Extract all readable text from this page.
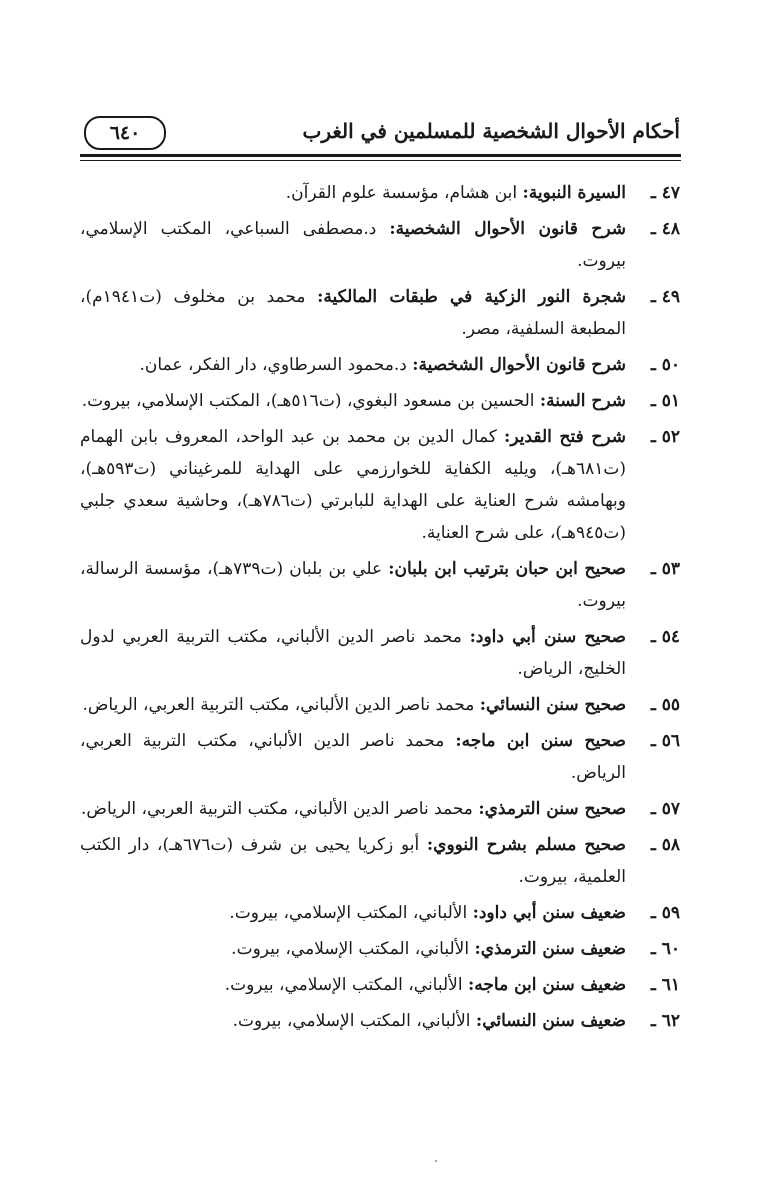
أحكام الأحوال الشخصية للمسلمين في الغرب
٦٤٠
٤٧ ـ
السيرة النبوية: ابن هشام، مؤسسة علوم القرآن.
٤٨ ـ
شرح قانون الأحوال الشخصية: د.مصطفى السباعي، المكتب الإسلامي، بيروت.
٤٩ ـ
شجرة النور الزكية في طبقات المالكية: محمد بن مخلوف (ت١٩٤١م)، المطبعة السلفية، مصر.
٥٠ ـ
شرح قانون الأحوال الشخصية: د.محمود السرطاوي، دار الفكر، عمان.
٥١ ـ
شرح السنة: الحسين بن مسعود البغوي، (ت٥١٦هـ)، المكتب الإسلامي، بيروت.
٥٢ ـ
شرح فتح القدير: كمال الدين بن محمد بن عبد الواحد، المعروف بابن الهمام (ت٦٨١هـ)، ويليه الكفاية للخوارزمي على الهداية للمرغيناني (ت٥٩٣هـ)، وبهامشه شرح العناية على الهداية للبابرتي (ت٧٨٦هـ)، وحاشية سعدي جلبي (ت٩٤٥هـ)، على شرح العناية.
٥٣ ـ
صحيح ابن حبان بترتيب ابن بلبان: علي بن بلبان (ت٧٣٩هـ)، مؤسسة الرسالة، بيروت.
٥٤ ـ
صحيح سنن أبي داود: محمد ناصر الدين الألباني، مكتب التربية العربي لدول الخليج، الرياض.
٥٥ ـ
صحيح سنن النسائي: محمد ناصر الدين الألباني، مكتب التربية العربي، الرياض.
٥٦ ـ
صحيح سنن ابن ماجه: محمد ناصر الدين الألباني، مكتب التربية العربي، الرياض.
٥٧ ـ
صحيح سنن الترمذي: محمد ناصر الدين الألباني، مكتب التربية العربي، الرياض.
٥٨ ـ
صحيح مسلم بشرح النووي: أبو زكريا يحيى بن شرف (ت٦٧٦هـ)، دار الكتب العلمية، بيروت.
٥٩ ـ
ضعيف سنن أبي داود: الألباني، المكتب الإسلامي، بيروت.
٦٠ ـ
ضعيف سنن الترمذي: الألباني، المكتب الإسلامي، بيروت.
٦١ ـ
ضعيف سنن ابن ماجه: الألباني، المكتب الإسلامي، بيروت.
٦٢ ـ
ضعيف سنن النسائي: الألباني، المكتب الإسلامي، بيروت.
